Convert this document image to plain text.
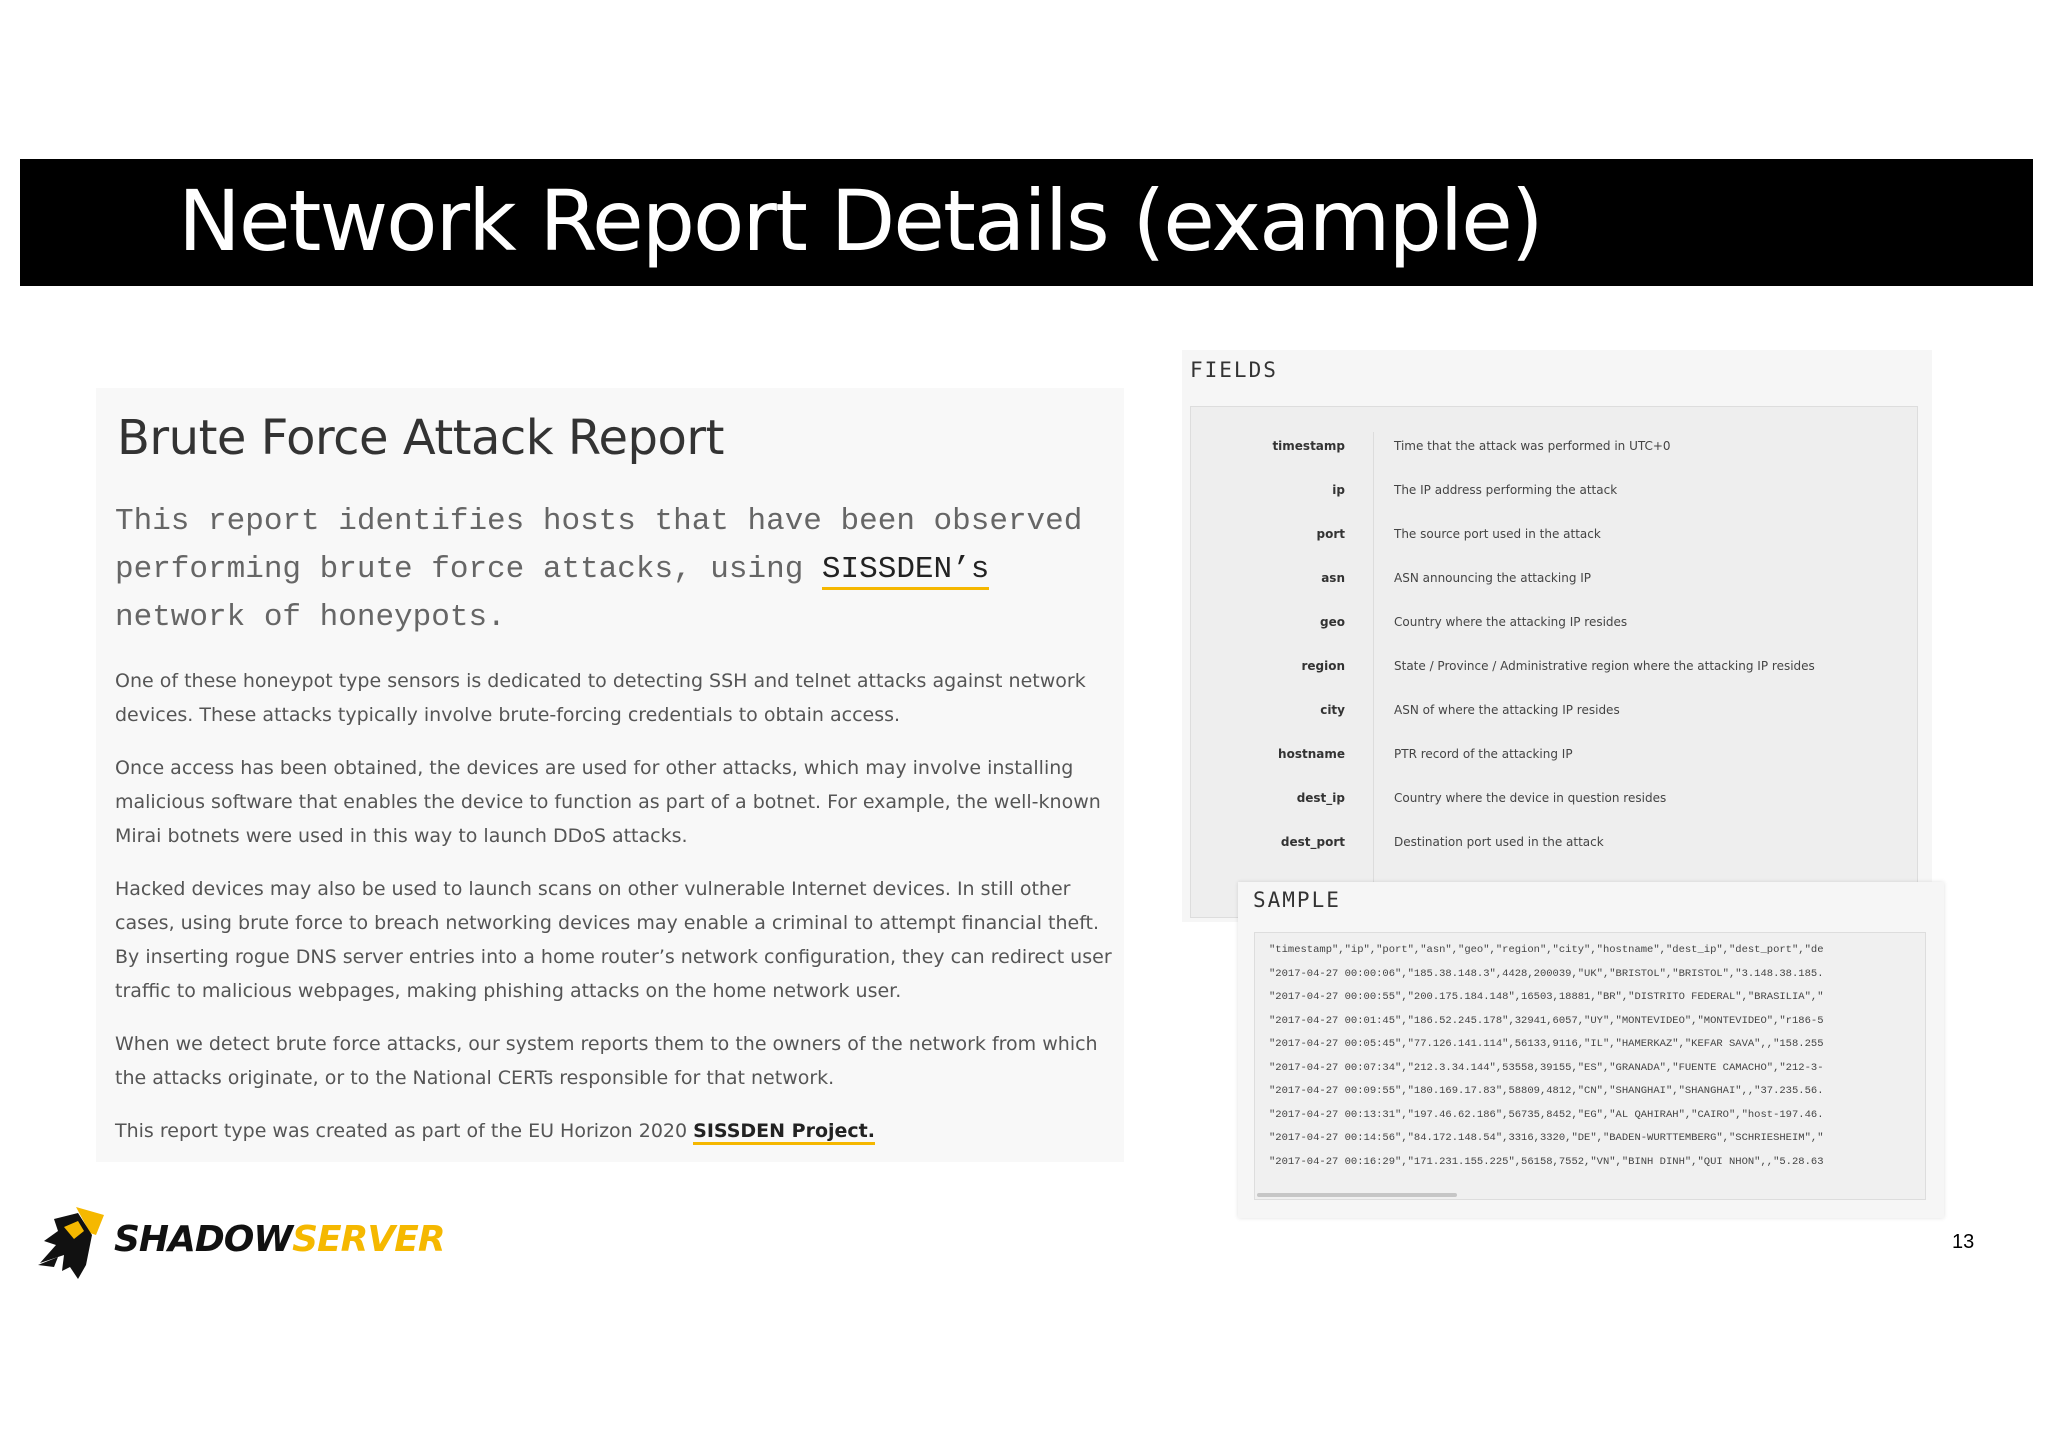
Network Report Details (example)
Brute Force Attack Report
This report identifies hosts that have been observed performing brute force attacks, using SISSDEN’s network of honeypots.

One of these honeypot type sensors is dedicated to detecting SSH and telnet attacks against network devices. These attacks typically involve brute-forcing credentials to obtain access.

Once access has been obtained, the devices are used for other attacks, which may involve installing malicious software that enables the device to function as part of a botnet. For example, the well-known Mirai botnets were used in this way to launch DDoS attacks.

Hacked devices may also be used to launch scans on other vulnerable Internet devices. In still other cases, using brute force to breach networking devices may enable a criminal to attempt financial theft. By inserting rogue DNS server entries into a home router’s network configuration, they can redirect user traffic to malicious webpages, making phishing attacks on the home network user.

When we detect brute force attacks, our system reports them to the owners of the network from which the attacks originate, or to the National CERTs responsible for that network.

This report type was created as part of the EU Horizon 2020 SISSDEN Project.

FIELDS
timestamp	Time that the attack was performed in UTC+0
ip	The IP address performing the attack
port	The source port used in the attack
asn	ASN announcing the attacking IP
geo	Country where the attacking IP resides
region	State / Province / Administrative region where the attacking IP resides
city	ASN of where the attacking IP resides
hostname	PTR record of the attacking IP
dest_ip	Country where the device in question resides
dest_port	Destination port used in the attack
SAMPLE
"timestamp","ip","port","asn","geo","region","city","hostname","dest_ip","dest_port","de
"2017-04-27 00:00:06","185.38.148.3",4428,200039,"UK","BRISTOL","BRISTOL","3.148.38.185.
"2017-04-27 00:00:55","200.175.184.148",16503,18881,"BR","DISTRITO FEDERAL","BRASILIA","
"2017-04-27 00:01:45","186.52.245.178",32941,6057,"UY","MONTEVIDEO","MONTEVIDEO","r186-5
"2017-04-27 00:05:45","77.126.141.114",56133,9116,"IL","HAMERKAZ","KEFAR SAVA",,"158.255
"2017-04-27 00:07:34","212.3.34.144",53558,39155,"ES","GRANADA","FUENTE CAMACHO","212-3-
"2017-04-27 00:09:55","180.169.17.83",58809,4812,"CN","SHANGHAI","SHANGHAI",,"37.235.56.
"2017-04-27 00:13:31","197.46.62.186",56735,8452,"EG","AL QAHIRAH","CAIRO","host-197.46.
"2017-04-27 00:14:56","84.172.148.54",3316,3320,"DE","BADEN-WURTTEMBERG","SCHRIESHEIM","
"2017-04-27 00:16:29","171.231.155.225",56158,7552,"VN","BINH DINH","QUI NHON",,"5.28.63
SHADOWSERVER	13
